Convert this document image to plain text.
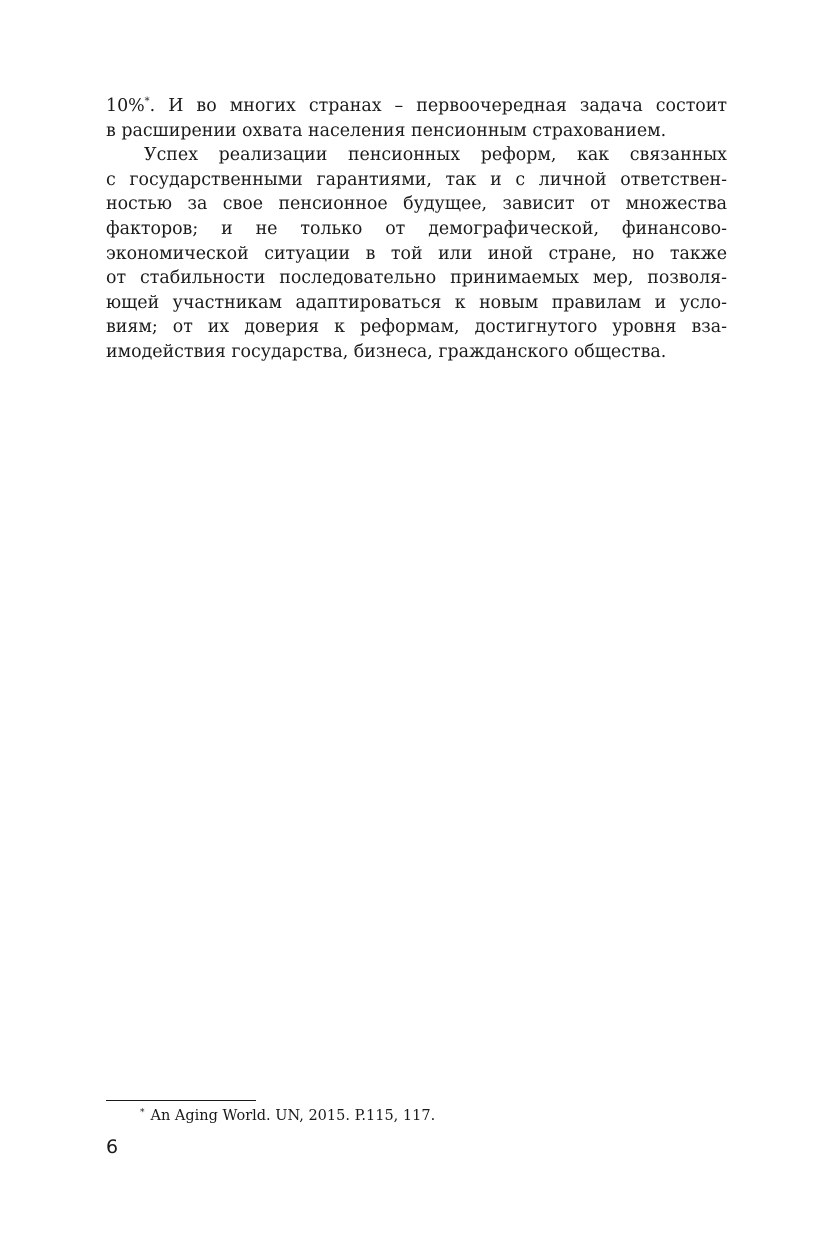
10%*. И во многих странах – первоочередная задача состоит
в расширении охвата населения пенсионным страхованием.
Успех реализации пенсионных реформ, как связанных
с государственными гарантиями, так и с личной ответствен-
ностью за свое пенсионное будущее, зависит от множества
факторов; и не только от демографической, финансово-
экономической ситуации в той или иной стране, но также
от стабильности последовательно принимаемых мер, позволя-
ющей участникам адаптироваться к новым правилам и усло-
виям; от их доверия к реформам, достигнутого уровня вза-
имодействия государства, бизнеса, гражданского общества.
* An Aging World. UN, 2015. P.115, 117.
6
